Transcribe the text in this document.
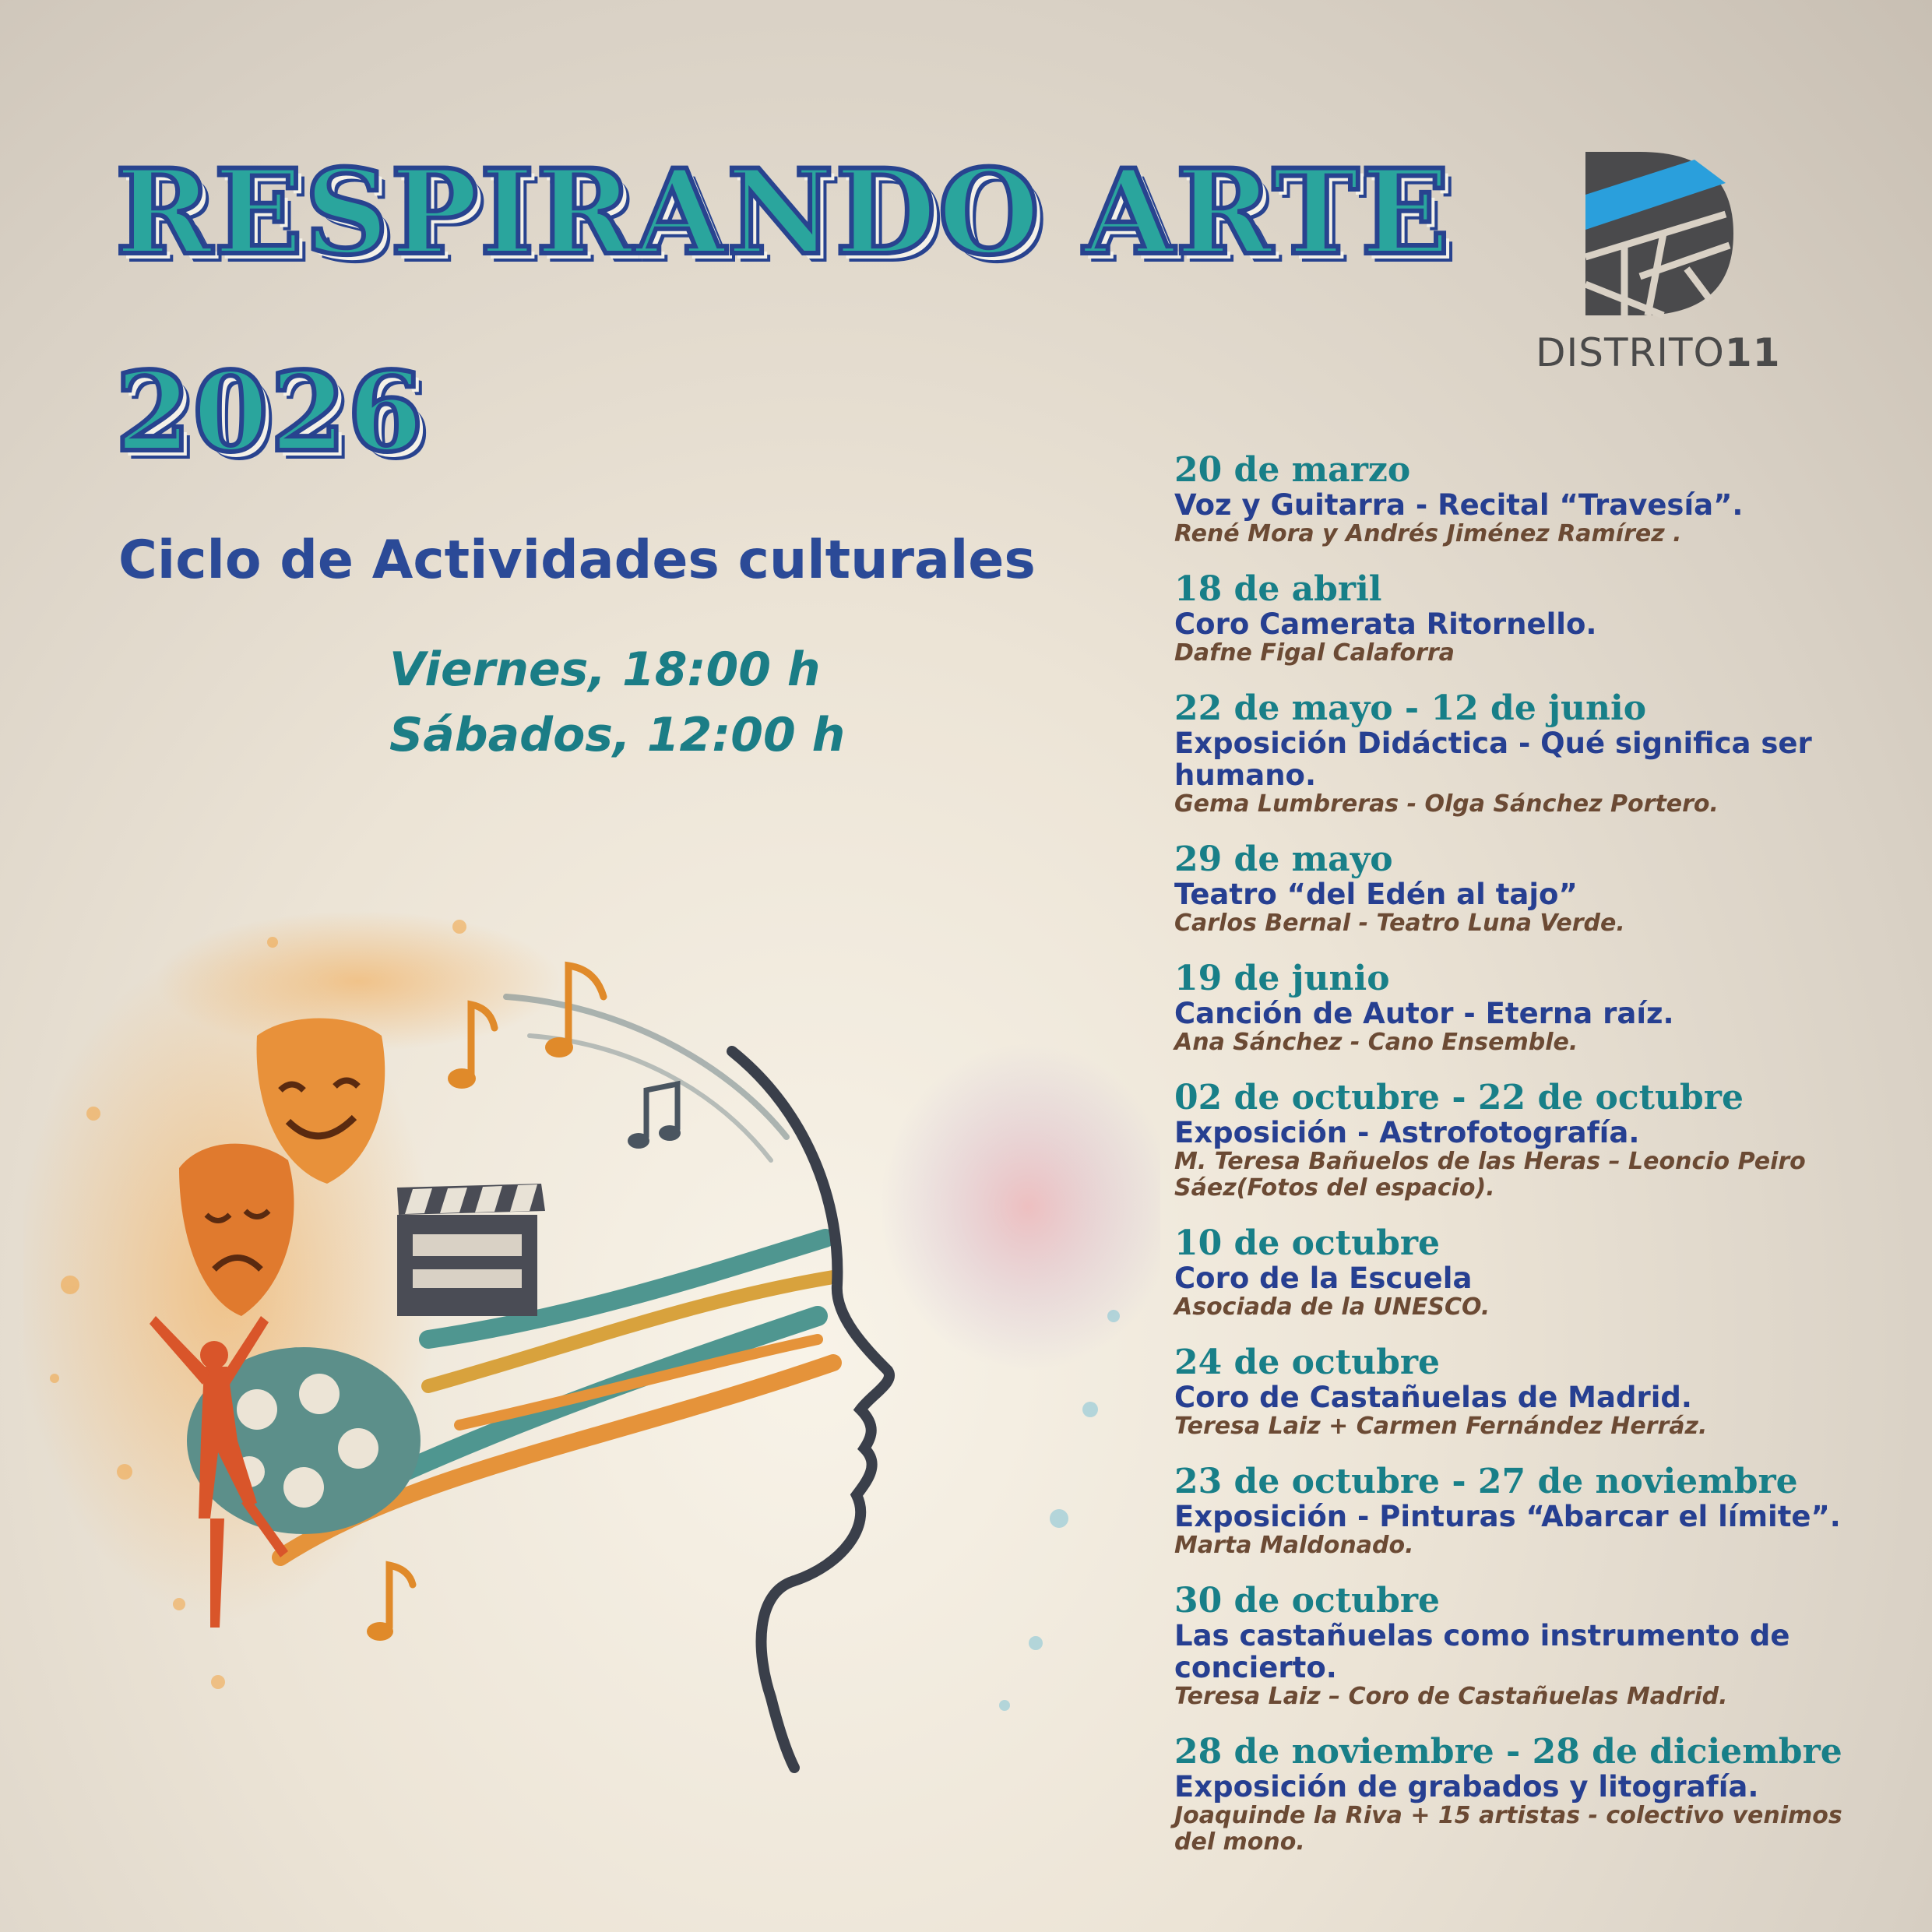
RESPIRANDO ARTE
2026
Ciclo de Actividades culturales
Viernes, 18:00 h
Sábados, 12:00 h
DISTRITO11
20 de marzo
Voz y Guitarra - Recital “Travesía”.
René Mora y Andrés Jiménez Ramírez .
18 de abril
Coro Camerata Ritornello.
Dafne Figal Calaforra
22 de mayo - 12 de junio
Exposición Didáctica - Qué significa ser humano.
Gema Lumbreras - Olga Sánchez Portero.
29 de mayo
Teatro “del Edén al tajo”
Carlos Bernal - Teatro Luna Verde.
19 de junio
Canción de Autor - Eterna raíz.
Ana Sánchez - Cano Ensemble.
02 de octubre - 22 de octubre
Exposición - Astrofotografía.
M. Teresa Bañuelos de las Heras – Leoncio Peiro Sáez(Fotos del espacio).
10 de octubre
Coro de la Escuela
Asociada de la UNESCO.
24 de octubre
Coro de Castañuelas de Madrid.
Teresa Laiz + Carmen Fernández Herráz.
23 de octubre - 27 de noviembre
Exposición - Pinturas “Abarcar el límite”.
Marta Maldonado.
30 de octubre
Las castañuelas como instrumento de concierto.
Teresa Laiz – Coro de Castañuelas Madrid.
28 de noviembre - 28 de diciembre
Exposición de grabados y litografía.
Joaquinde la Riva + 15 artistas - colectivo venimos del mono.
